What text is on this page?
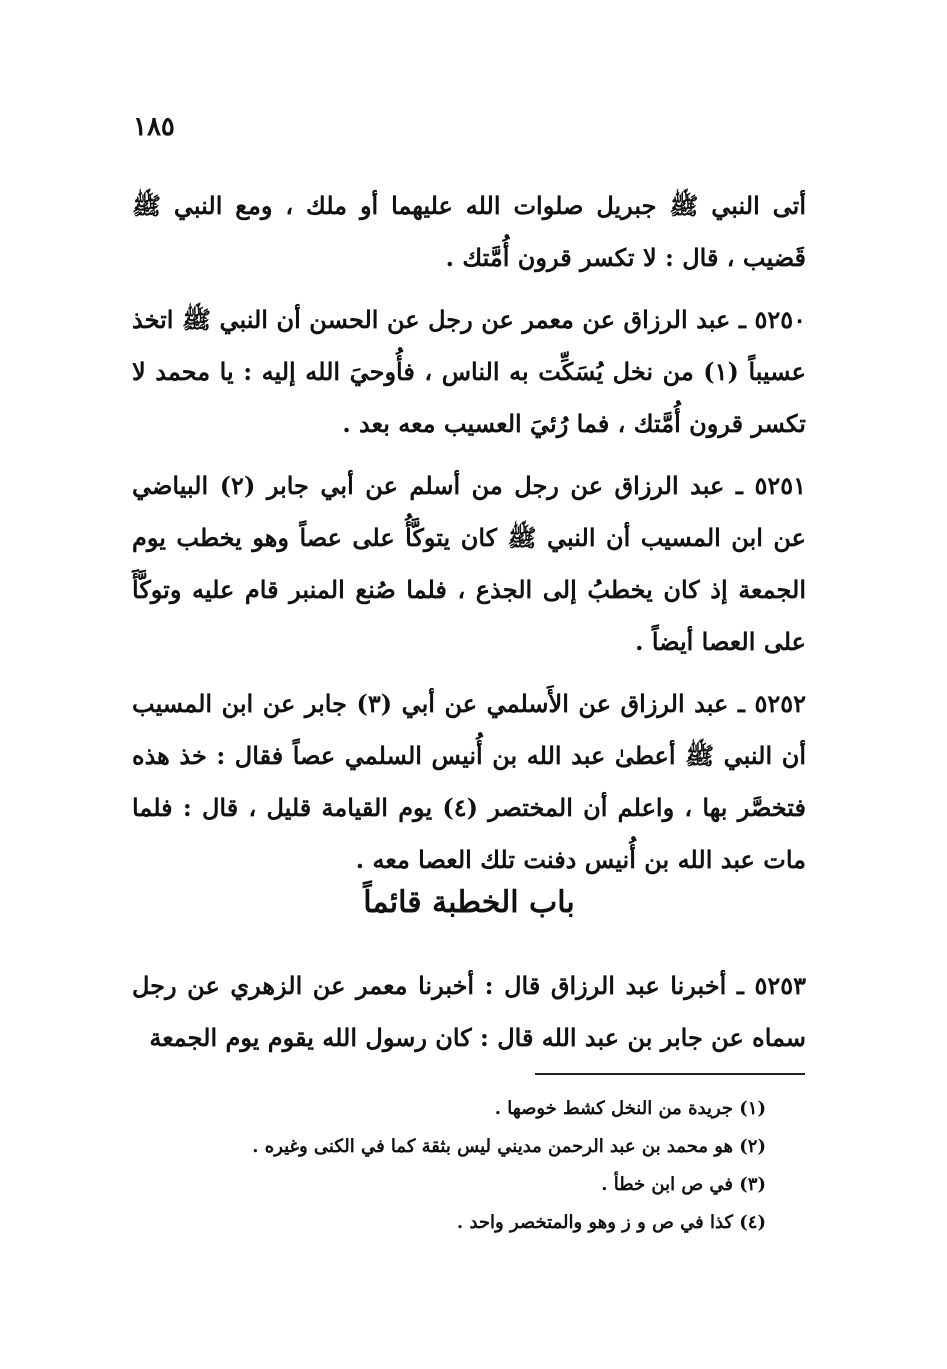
١٨٥

أتى النبي ﷺ جبريل صلوات الله عليهما أو ملك ، ومع النبي ﷺ قَضيب ، قال : لا تكسر قرون أُمَّتك .

٥٢٥٠ ـ عبد الرزاق عن معمر عن رجل عن الحسن أن النبي ﷺ اتخذ عسيباً (١) من نخل يُسَكِّت به الناس ، فأُوحيَ الله إليه : يا محمد لا تكسر قرون أُمَّتك ، فما رُئيَ العسيب معه بعد .

٥٢٥١ ـ عبد الرزاق عن رجل من أسلم عن أبي جابر (٢) البياضي عن ابن المسيب أن النبي ﷺ كان يتوكَّأُ على عصاً وهو يخطب يوم الجمعة إذ كان يخطبُ إلى الجذع ، فلما صُنع المنبر قام عليه وتوكَّأَ على العصا أيضاً .

٥٢٥٢ ـ عبد الرزاق عن الأَسلمي عن أبي (٣) جابر عن ابن المسيب أن النبي ﷺ أعطىٰ عبد الله بن أُنيس السلمي عصاً فقال : خذ هذه فتخصَّر بها ، واعلم أن المختصر (٤) يوم القيامة قليل ، قال : فلما مات عبد الله بن أُنيس دفنت تلك العصا معه .

باب الخطبة قائماً

٥٢٥٣ ـ أخبرنا عبد الرزاق قال : أخبرنا معمر عن الزهري عن رجل سماه عن جابر بن عبد الله قال : كان رسول الله يقوم يوم الجمعة

(١) جريدة من النخل كشط خوصها .

(٢) هو محمد بن عبد الرحمن مديني ليس بثقة كما في الكنى وغيره .

(٣) في ص ابن خطأ .

(٤) كذا في ص و ز وهو والمتخصر واحد .
